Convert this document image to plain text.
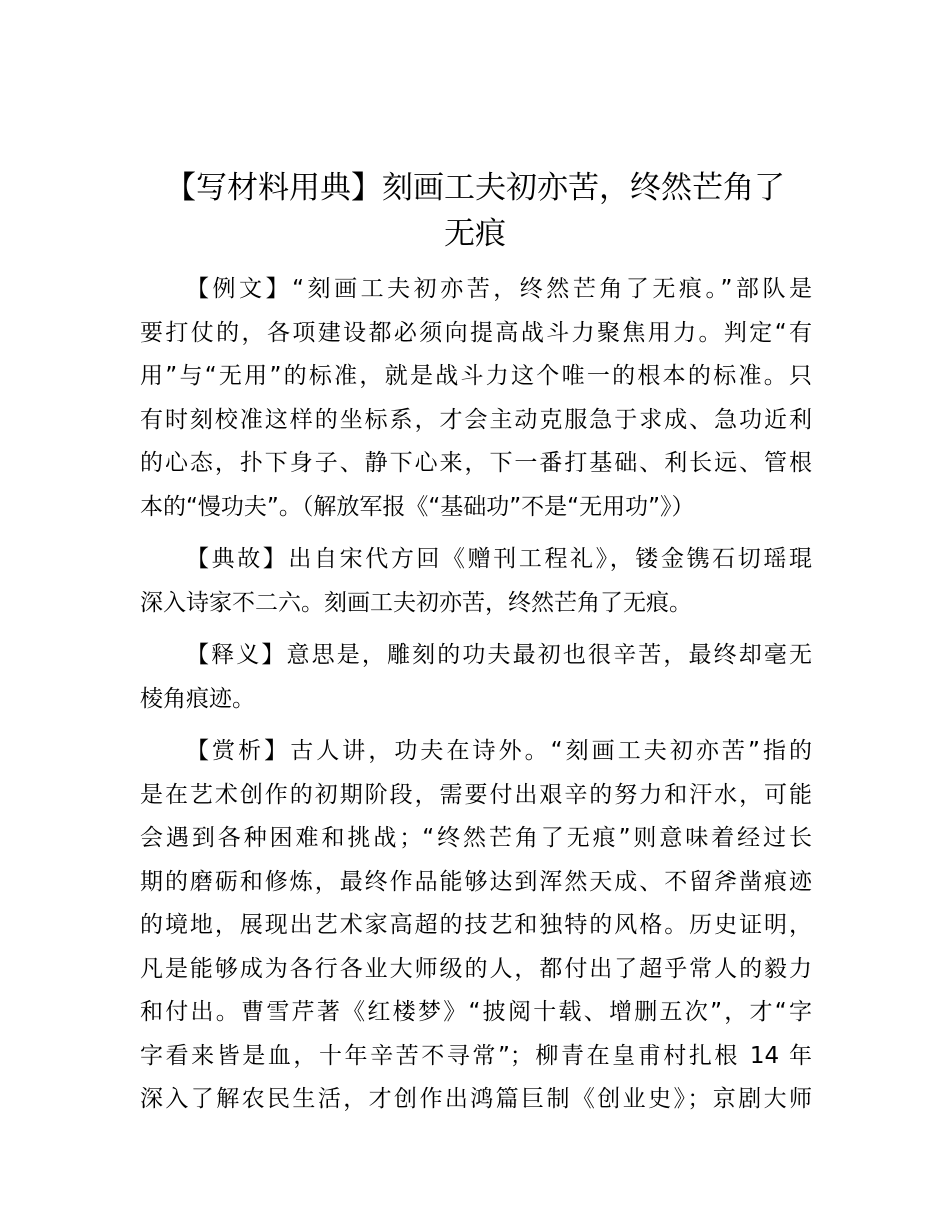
【写材料用典】刻画工夫初亦苦，终然芒角了
无痕
【例文】“刻画工夫初亦苦，终然芒角了无痕。”部队是
要打仗的，各项建设都必须向提高战斗力聚焦用力。判定“有
用”与“无用”的标准，就是战斗力这个唯一的根本的标准。只
有时刻校准这样的坐标系，才会主动克服急于求成、急功近利
的心态，扑下身子、静下心来，下一番打基础、利长远、管根
本的“慢功夫”。（解放军报《“基础功”不是“无用功”》）
【典故】出自宋代方回《赠刊工程礼》，镂金镌石切瑶琨
深入诗家不二六。刻画工夫初亦苦，终然芒角了无痕。
【释义】意思是，雕刻的功夫最初也很辛苦，最终却毫无
棱角痕迹。
【赏析】古人讲，功夫在诗外。“刻画工夫初亦苦”指的
是在艺术创作的初期阶段，需要付出艰辛的努力和汗水，可能
会遇到各种困难和挑战；“终然芒角了无痕”则意味着经过长
期的磨砺和修炼，最终作品能够达到浑然天成、不留斧凿痕迹
的境地，展现出艺术家高超的技艺和独特的风格。历史证明，
凡是能够成为各行各业大师级的人，都付出了超乎常人的毅力
和付出。曹雪芹著《红楼梦》“披阅十载、增删五次”，才“字
字看来皆是血，十年辛苦不寻常”；柳青在皇甫村扎根 14 年
深入了解农民生活，才创作出鸿篇巨制《创业史》；京剧大师
